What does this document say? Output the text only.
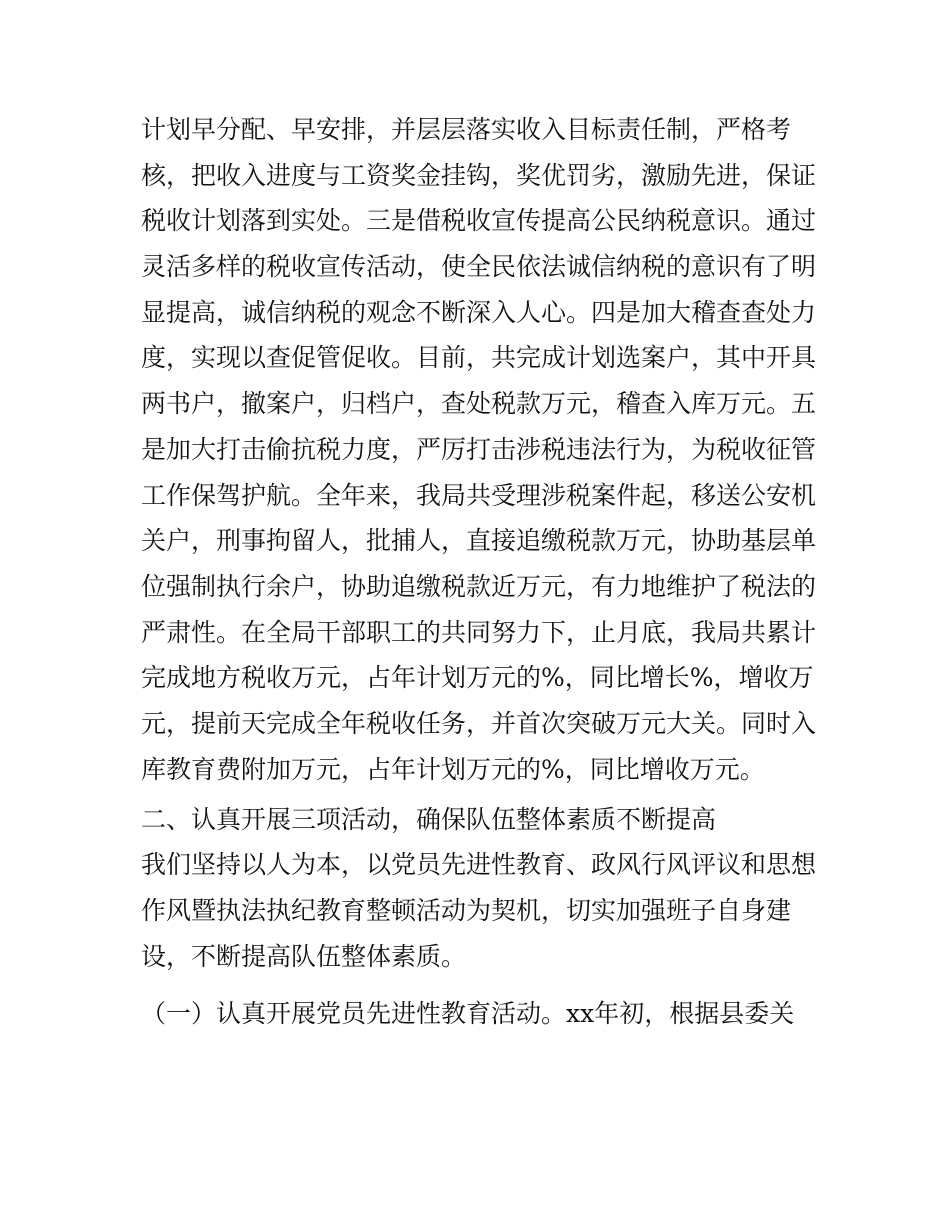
计划早分配、早安排，并层层落实收入目标责任制，严格考
核，把收入进度与工资奖金挂钩，奖优罚劣，激励先进，保证
税收计划落到实处。三是借税收宣传提高公民纳税意识。通过
灵活多样的税收宣传活动，使全民依法诚信纳税的意识有了明
显提高，诚信纳税的观念不断深入人心。四是加大稽查查处力
度，实现以查促管促收。目前，共完成计划选案户，其中开具
两书户，撤案户，归档户，查处税款万元，稽查入库万元。五
是加大打击偷抗税力度，严厉打击涉税违法行为，为税收征管
工作保驾护航。全年来，我局共受理涉税案件起，移送公安机
关户，刑事拘留人，批捕人，直接追缴税款万元，协助基层单
位强制执行余户，协助追缴税款近万元，有力地维护了税法的
严肃性。在全局干部职工的共同努力下，止月底，我局共累计
完成地方税收万元，占年计划万元的%，同比增长%，增收万
元，提前天完成全年税收任务，并首次突破万元大关。同时入
库教育费附加万元，占年计划万元的%，同比增收万元。
二、认真开展三项活动，确保队伍整体素质不断提高
我们坚持以人为本，以党员先进性教育、政风行风评议和思想
作风暨执法执纪教育整顿活动为契机，切实加强班子自身建
设，不断提高队伍整体素质。
（一）认真开展党员先进性教育活动。xx年初，根据县委关
